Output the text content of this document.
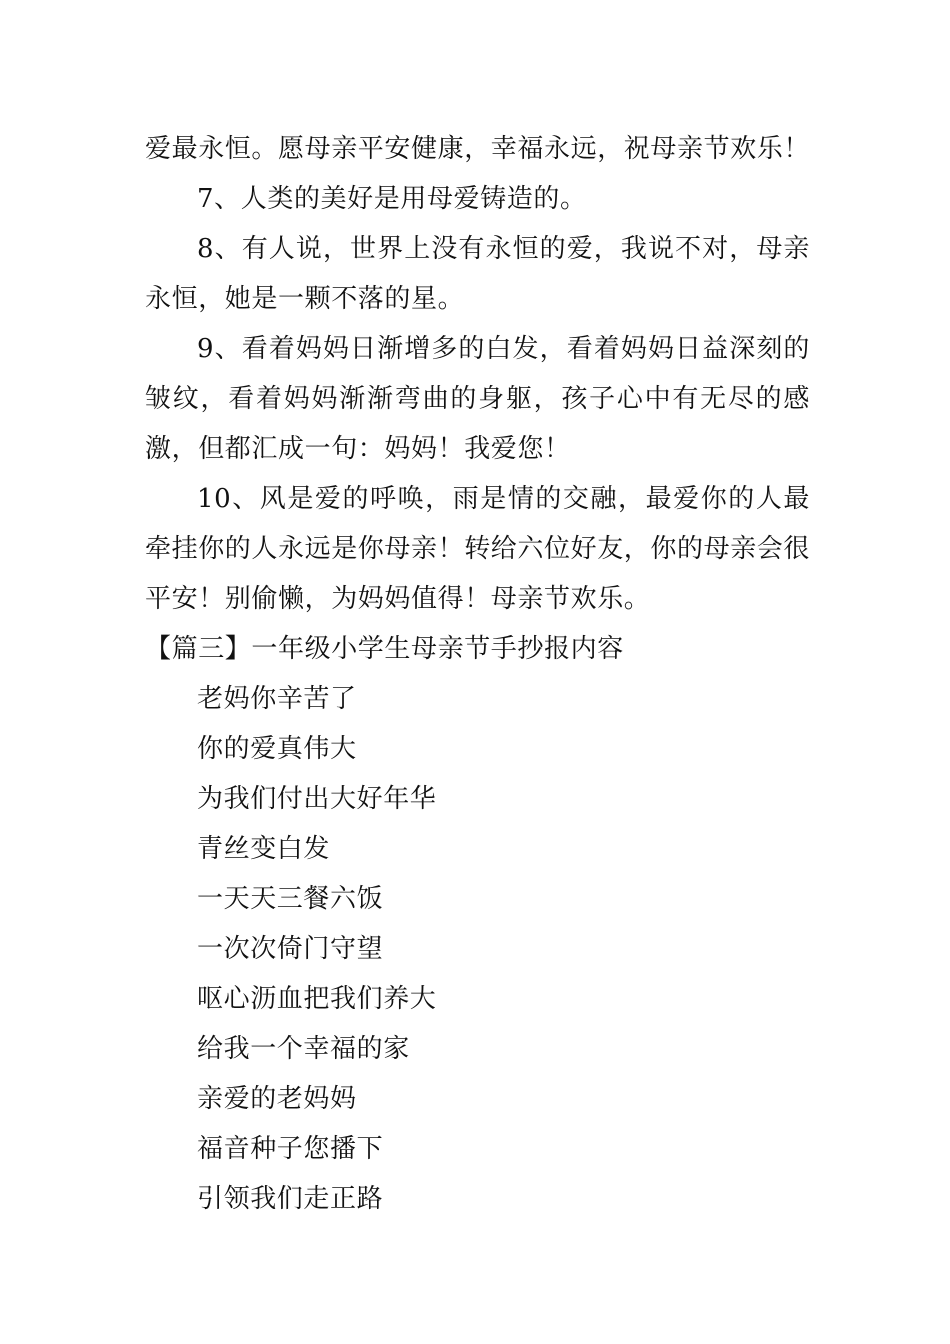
爱最永恒。愿母亲平安健康，幸福永远，祝母亲节欢乐！

7、人类的美好是用母爱铸造的。

8、有人说，世界上没有永恒的爱，我说不对，母亲永恒，她是一颗不落的星。

9、看着妈妈日渐增多的白发，看着妈妈日益深刻的皱纹，看着妈妈渐渐弯曲的身躯，孩子心中有无尽的感激，但都汇成一句：妈妈！我爱您！

10、风是爱的呼唤，雨是情的交融，最爱你的人最牵挂你的人永远是你母亲！转给六位好友，你的母亲会很平安！别偷懒，为妈妈值得！母亲节欢乐。

【篇三】一年级小学生母亲节手抄报内容

老妈你辛苦了

你的爱真伟大

为我们付出大好年华

青丝变白发

一天天三餐六饭

一次次倚门守望

呕心沥血把我们养大

给我一个幸福的家

亲爱的老妈妈

福音种子您播下

引领我们走正路
